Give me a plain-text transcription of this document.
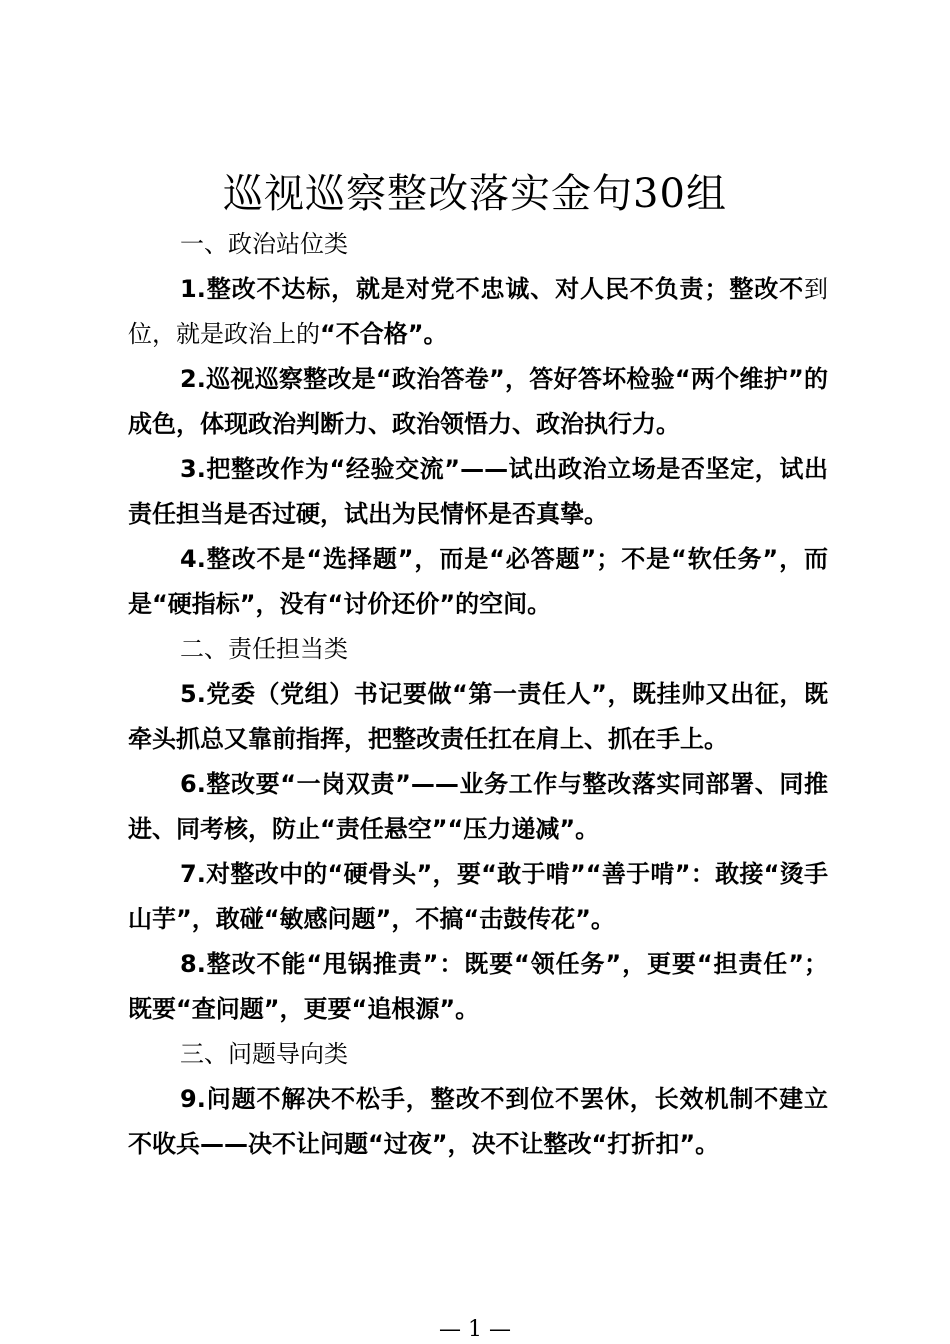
巡视巡察整改落实金句30组

一、政治站位类

1.整改不达标，就是对党不忠诚、对人民不负责；整改不到位，就是政治上的“不合格”。

2.巡视巡察整改是“政治答卷”，答好答坏检验“两个维护”的成色，体现政治判断力、政治领悟力、政治执行力。

3.把整改作为“经验交流”——试出政治立场是否坚定，试出责任担当是否过硬，试出为民情怀是否真挚。

4.整改不是“选择题”，而是“必答题”；不是“软任务”，而是“硬指标”，没有“讨价还价”的空间。

二、责任担当类

5.党委（党组）书记要做“第一责任人”，既挂帅又出征，既牵头抓总又靠前指挥，把整改责任扛在肩上、抓在手上。

6.整改要“一岗双责”——业务工作与整改落实同部署、同推进、同考核，防止“责任悬空”“压力递减”。

7.对整改中的“硬骨头”，要“敢于啃”“善于啃”：敢接“烫手山芋”，敢碰“敏感问题”，不搞“击鼓传花”。

8.整改不能“甩锅推责”：既要“领任务”，更要“担责任”；既要“查问题”，更要“追根源”。

三、问题导向类

9.问题不解决不松手，整改不到位不罢休，长效机制不建立不收兵——决不让问题“过夜”，决不让整改“打折扣”。

— 1 —
